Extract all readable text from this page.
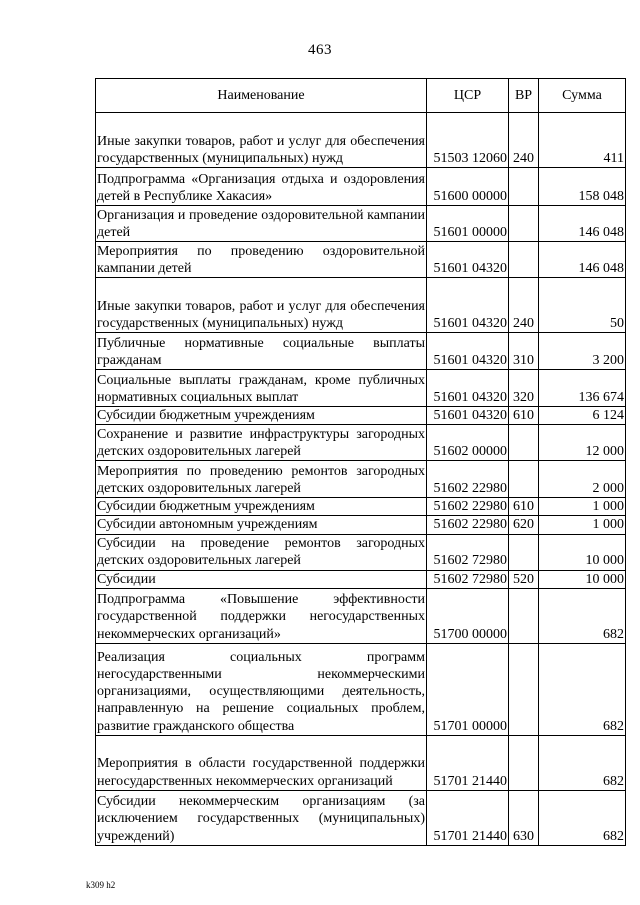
463
Наименование	ЦСР	ВР	Сумма
Иные закупки товаров, работ и услуг для обеспечения государственных (муниципальных) нужд	51503 12060	240	411
Подпрограмма «Организация отдыха и оздоровления детей в Республике Хакасия»	51600 00000		158 048
Организация и проведение оздоровительной кампании детей	51601 00000		146 048
Мероприятия по проведению оздоровительной кампании детей	51601 04320		146 048
Иные закупки товаров, работ и услуг для обеспечения государственных (муниципальных) нужд	51601 04320	240	50
Публичные нормативные социальные выплаты гражданам	51601 04320	310	3 200
Социальные выплаты гражданам, кроме публичных нормативных социальных выплат	51601 04320	320	136 674
Субсидии бюджетным учреждениям	51601 04320	610	6 124
Сохранение и развитие инфраструктуры загородных детских оздоровительных лагерей	51602 00000		12 000
Мероприятия по проведению ремонтов загородных детских оздоровительных лагерей	51602 22980		2 000
Субсидии бюджетным учреждениям	51602 22980	610	1 000
Субсидии автономным учреждениям	51602 22980	620	1 000
Субсидии на проведение ремонтов загородных детских оздоровительных лагерей	51602 72980		10 000
Субсидии	51602 72980	520	10 000
Подпрограмма «Повышение эффективности государственной поддержки негосударственных некоммерческих организаций»	51700 00000		682
Реализация социальных программ негосударственными некоммерческими организациями, осуществляющими деятельность, направленную на решение социальных проблем, развитие гражданского общества	51701 00000		682
Мероприятия в области государственной поддержки негосударственных некоммерческих организаций	51701 21440		682
Субсидии некоммерческим организациям (за исключением государственных (муниципальных) учреждений)	51701 21440	630	682
k309 h2
